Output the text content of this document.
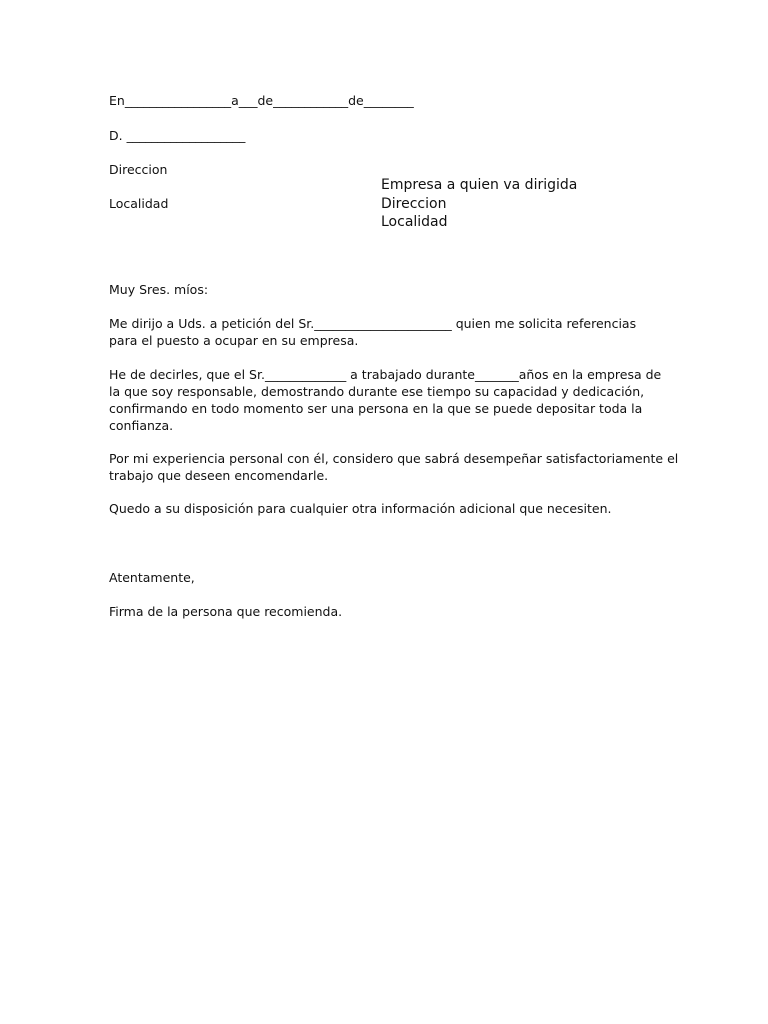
En_________________a___de____________de________
D. ___________________
Direccion
Localidad
Empresa a quien va dirigida
Direccion
Localidad
Muy Sres. míos:
Me dirijo a Uds. a petición del Sr.______________________ quien me solicita referencias
para el puesto a ocupar en su empresa.
He de decirles, que el Sr._____________ a trabajado durante_______años en la empresa de
la que soy responsable, demostrando durante ese tiempo su capacidad y dedicación,
confirmando en todo momento ser una persona en la que se puede depositar toda la
confianza.
Por mi experiencia personal con él, considero que sabrá desempeñar satisfactoriamente el
trabajo que deseen encomendarle.
Quedo a su disposición para cualquier otra información adicional que necesiten.
Atentamente,
Firma de la persona que recomienda.
